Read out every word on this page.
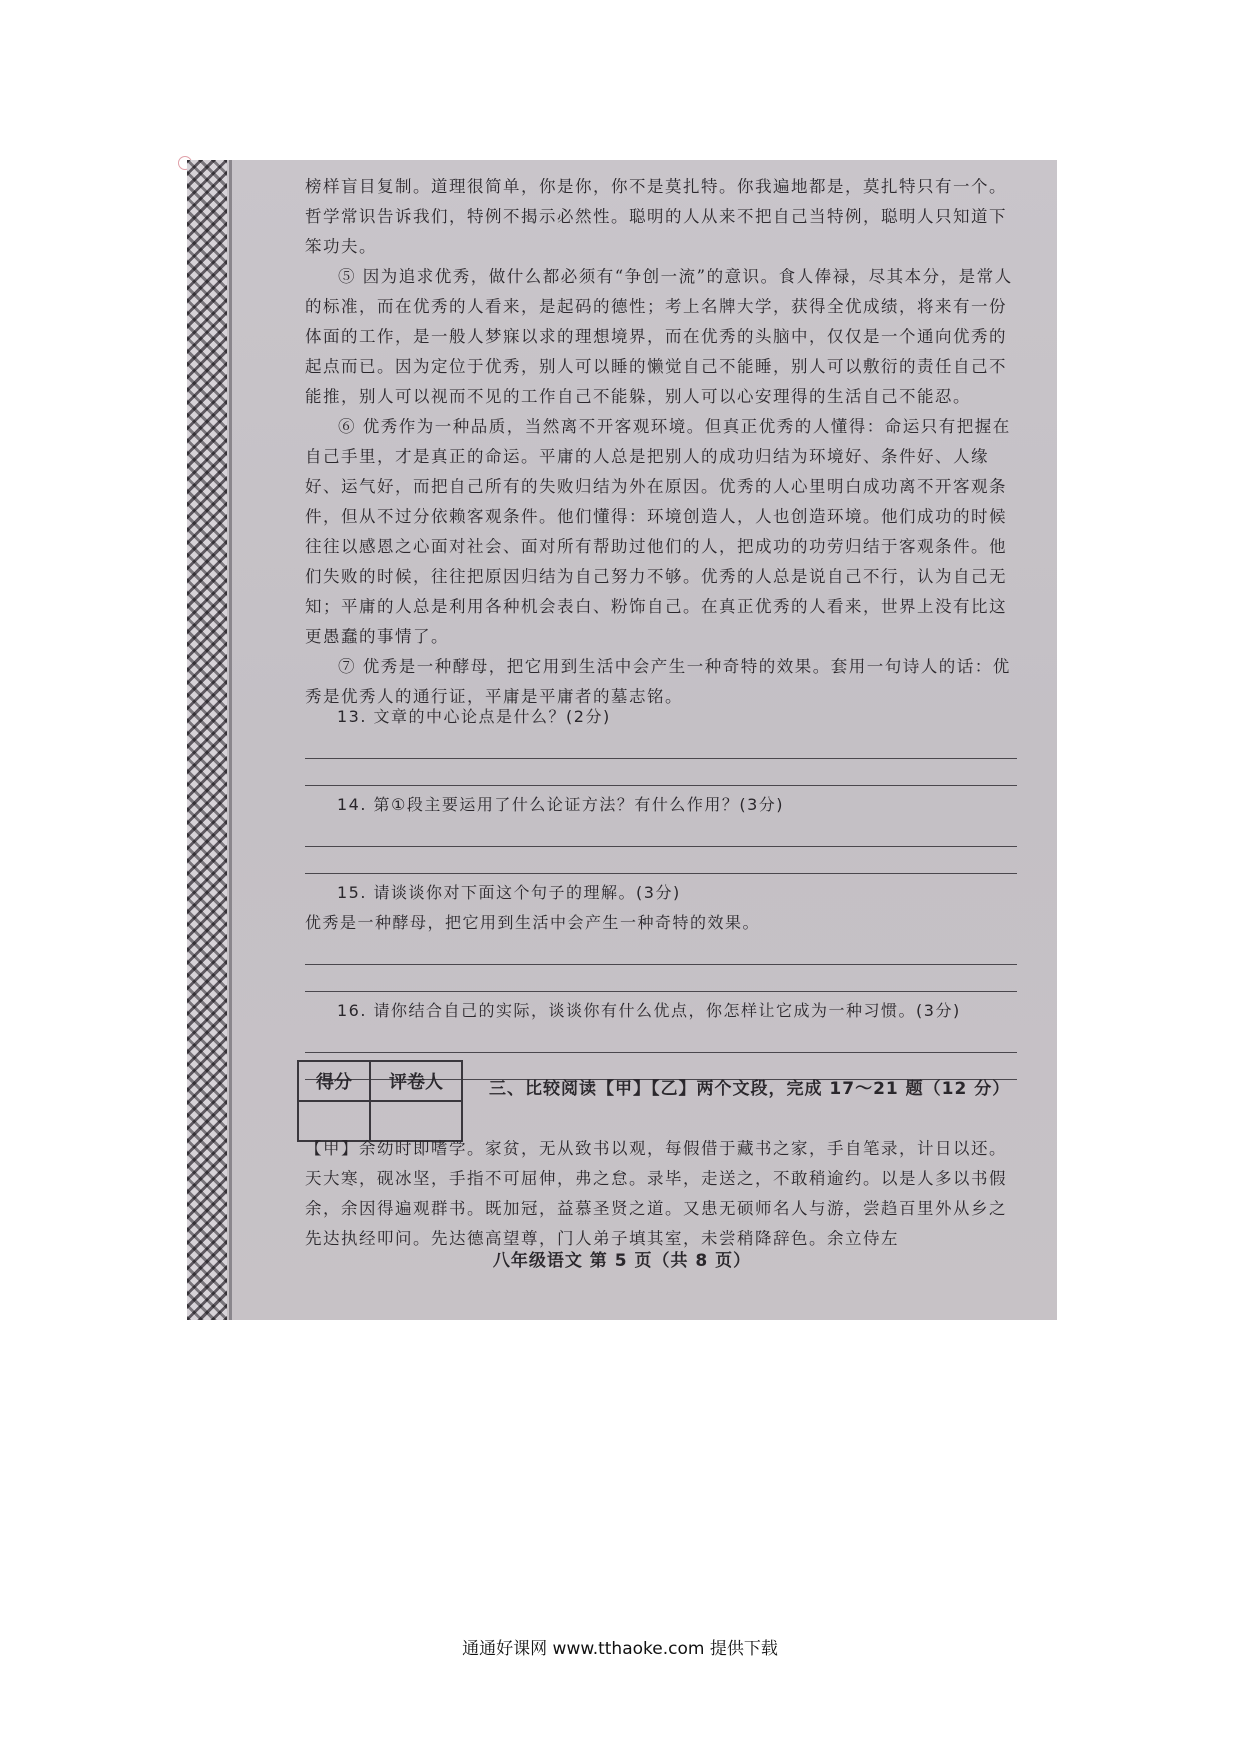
榜样盲目复制。道理很简单，你是你，你不是莫扎特。你我遍地都是，莫扎特只有一个。哲学常识告诉我们，特例不揭示必然性。聪明的人从来不把自己当特例，聪明人只知道下笨功夫。

⑤ 因为追求优秀，做什么都必须有“争创一流”的意识。食人俸禄，尽其本分，是常人的标准，而在优秀的人看来，是起码的德性；考上名牌大学，获得全优成绩，将来有一份体面的工作，是一般人梦寐以求的理想境界，而在优秀的头脑中，仅仅是一个通向优秀的起点而已。因为定位于优秀，别人可以睡的懒觉自己不能睡，别人可以敷衍的责任自己不能推，别人可以视而不见的工作自己不能躲，别人可以心安理得的生活自己不能忍。

⑥ 优秀作为一种品质，当然离不开客观环境。但真正优秀的人懂得：命运只有把握在自己手里，才是真正的命运。平庸的人总是把别人的成功归结为环境好、条件好、人缘好、运气好，而把自己所有的失败归结为外在原因。优秀的人心里明白成功离不开客观条件，但从不过分依赖客观条件。他们懂得：环境创造人，人也创造环境。他们成功的时候往往以感恩之心面对社会、面对所有帮助过他们的人，把成功的功劳归结于客观条件。他们失败的时候，往往把原因归结为自己努力不够。优秀的人总是说自己不行，认为自己无知；平庸的人总是利用各种机会表白、粉饰自己。在真正优秀的人看来，世界上没有比这更愚蠢的事情了。

⑦ 优秀是一种酵母，把它用到生活中会产生一种奇特的效果。套用一句诗人的话：优秀是优秀人的通行证，平庸是平庸者的墓志铭。

13. 文章的中心论点是什么？(2分)

14. 第①段主要运用了什么论证方法？有什么作用？(3分)

15. 请谈谈你对下面这个句子的理解。(3分)

优秀是一种酵母，把它用到生活中会产生一种奇特的效果。

16. 请你结合自己的实际，谈谈你有什么优点，你怎样让它成为一种习惯。(3分)

得分	评卷人
		三、比较阅读【甲】【乙】两个文段，完成 17～21 题（12 分）

【甲】余幼时即嗜学。家贫，无从致书以观，每假借于藏书之家，手自笔录，计日以还。天大寒，砚冰坚，手指不可屈伸，弗之怠。录毕，走送之，不敢稍逾约。以是人多以书假余，余因得遍观群书。既加冠，益慕圣贤之道。又患无硕师名人与游，尝趋百里外从乡之先达执经叩问。先达德高望尊，门人弟子填其室，未尝稍降辞色。余立侍左

八年级语文 第 5 页（共 8 页）
通通好课网 www.tthaoke.com 提供下载
